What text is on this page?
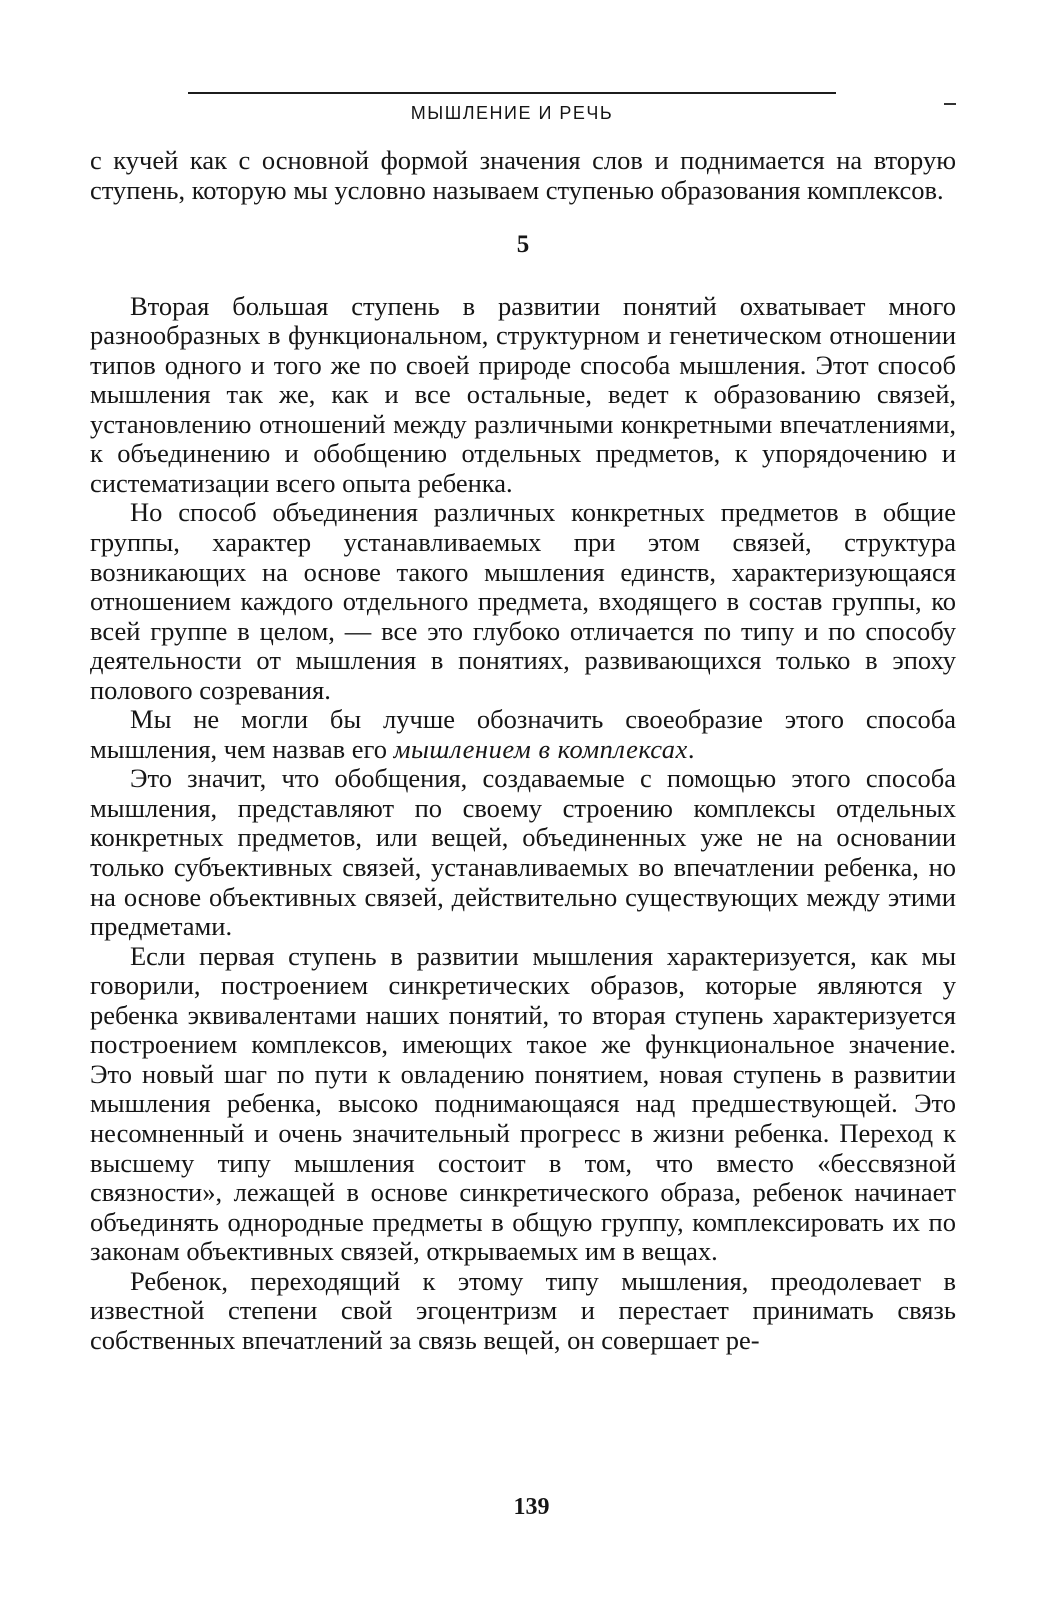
МЫШЛЕНИЕ И РЕЧЬ

с кучей как с основной формой значения слов и поднимается на вторую ступень, которую мы условно называем ступенью образования комплексов.

5

Вторая большая ступень в развитии понятий охватывает много разнообразных в функциональном, структурном и генетическом отношении типов одного и того же по своей природе способа мышления. Этот способ мышления так же, как и все остальные, ведет к образованию связей, установлению отношений между различными конкретными впечатлениями, к объединению и обобщению отдельных предметов, к упорядочению и систематизации всего опыта ребенка.

Но способ объединения различных конкретных предметов в общие группы, характер устанавливаемых при этом связей, структура возникающих на основе такого мышления единств, характеризующаяся отношением каждого отдельного предмета, входящего в состав группы, ко всей группе в целом, — все это глубоко отличается по типу и по способу деятельности от мышления в понятиях, развивающихся только в эпоху полового созревания.

Мы не могли бы лучше обозначить своеобразие этого способа мышления, чем назвав его мышлением в комплексах.

Это значит, что обобщения, создаваемые с помощью этого способа мышления, представляют по своему строению комплексы отдельных конкретных предметов, или вещей, объединенных уже не на основании только субъективных связей, устанавливаемых во впечатлении ребенка, но на основе объективных связей, действительно существующих между этими предметами.

Если первая ступень в развитии мышления характеризуется, как мы говорили, построением синкретических образов, которые являются у ребенка эквивалентами наших понятий, то вторая ступень характеризуется построением комплексов, имеющих такое же функциональное значение. Это новый шаг по пути к овладению понятием, новая ступень в развитии мышления ребенка, высоко поднимающаяся над предшествующей. Это несомненный и очень значительный прогресс в жизни ребенка. Переход к высшему типу мышления состоит в том, что вместо «бессвязной связности», лежащей в основе синкретического образа, ребенок начинает объединять однородные предметы в общую группу, комплексировать их по законам объективных связей, открываемых им в вещах.

Ребенок, переходящий к этому типу мышления, преодолевает в известной степени свой эгоцентризм и перестает принимать связь собственных впечатлений за связь вещей, он совершает ре-

139
